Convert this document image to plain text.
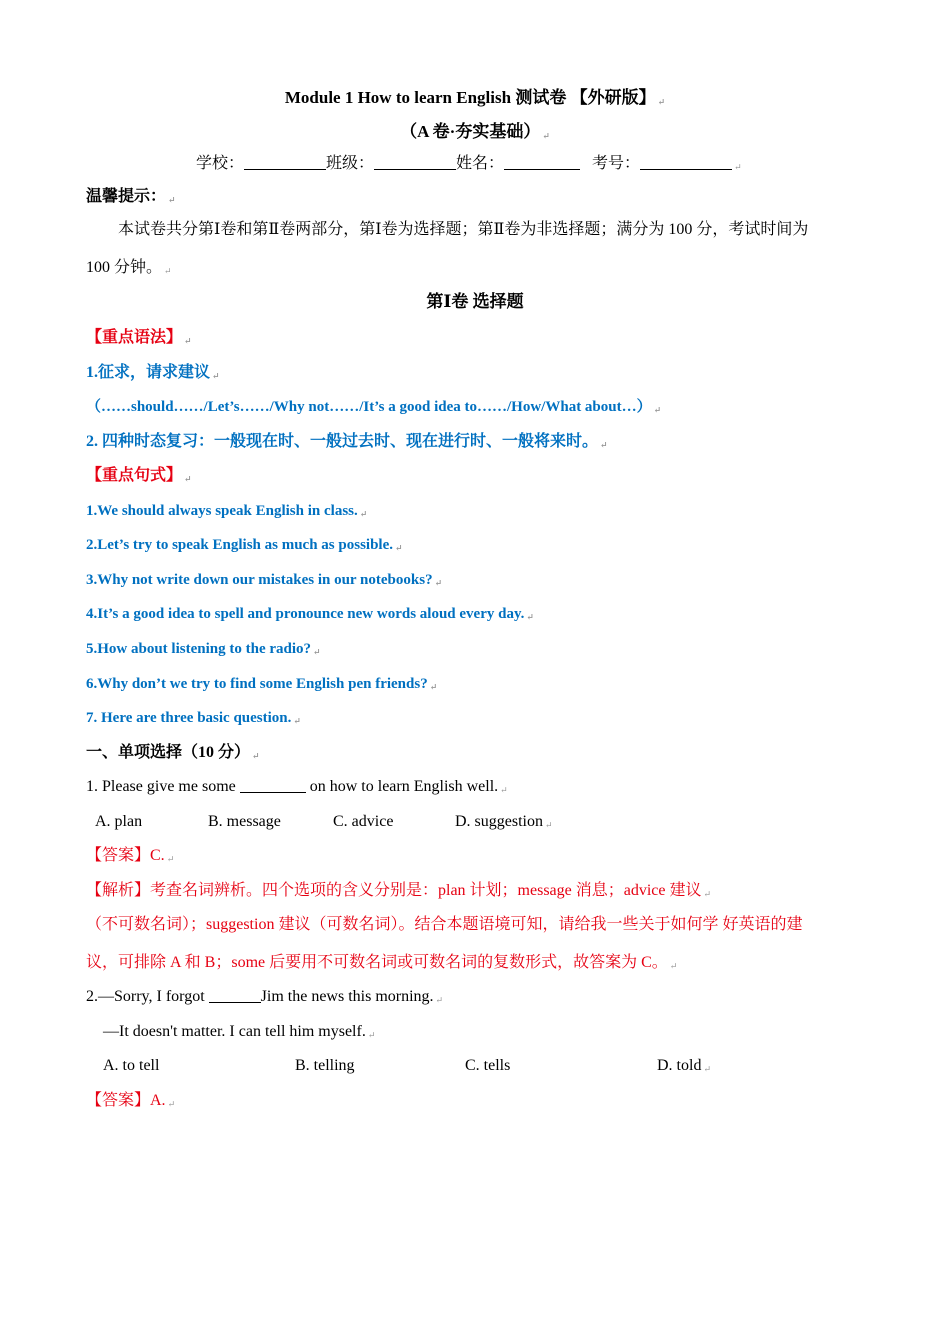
Module 1 How to learn English 测试卷 【外研版】 ↵
（A 卷·夯实基础） ↵
学校：	班级：	姓名：	考号：	↵
温馨提示： ↵
本试卷共分第Ⅰ卷和第Ⅱ卷两部分，第Ⅰ卷为选择题；第Ⅱ卷为非选择题；满分为 100 分，考试时间为
100 分钟。 ↵
第Ⅰ卷 选择题
【重点语法】 ↵
1.征求，请求建议 ↵
（……should……/Let’s……/Why not……/It’s a good idea to……/How/What about…） ↵
2. 四种时态复习：一般现在时、一般过去时、现在进行时、一般将来时。 ↵
【重点句式】 ↵
1.We should always speak English in class. ↵
2.Let’s try to speak English as much as possible. ↵
3.Why not write down our mistakes in our notebooks? ↵
4.It’s a good idea to spell and pronounce new words aloud every day. ↵
5.How about listening to the radio? ↵
6.Why don’t we try to find some English pen friends? ↵
7. Here are three basic question. ↵
一、单项选择（10 分） ↵
1. Please give me some	on how to learn English well. ↵
A. plan	B. message	C. advice	D. suggestion ↵
【答案】C. ↵
【解析】考查名词辨析。四个选项的含义分别是：plan 计划；message 消息；advice 建议 ↵
（不可数名词）；suggestion 建议（可数名词）。结合本题语境可知，请给我一些关于如何学 好英语的建
议，可排除 A 和 B；some 后要用不可数名词或可数名词的复数形式，故答案为 C。 ↵
2.—Sorry, I forgot	Jim the news this morning. ↵
—It doesn't matter. I can tell him myself. ↵
A. to tell	B. telling	C. tells	D. told ↵
【答案】A. ↵
